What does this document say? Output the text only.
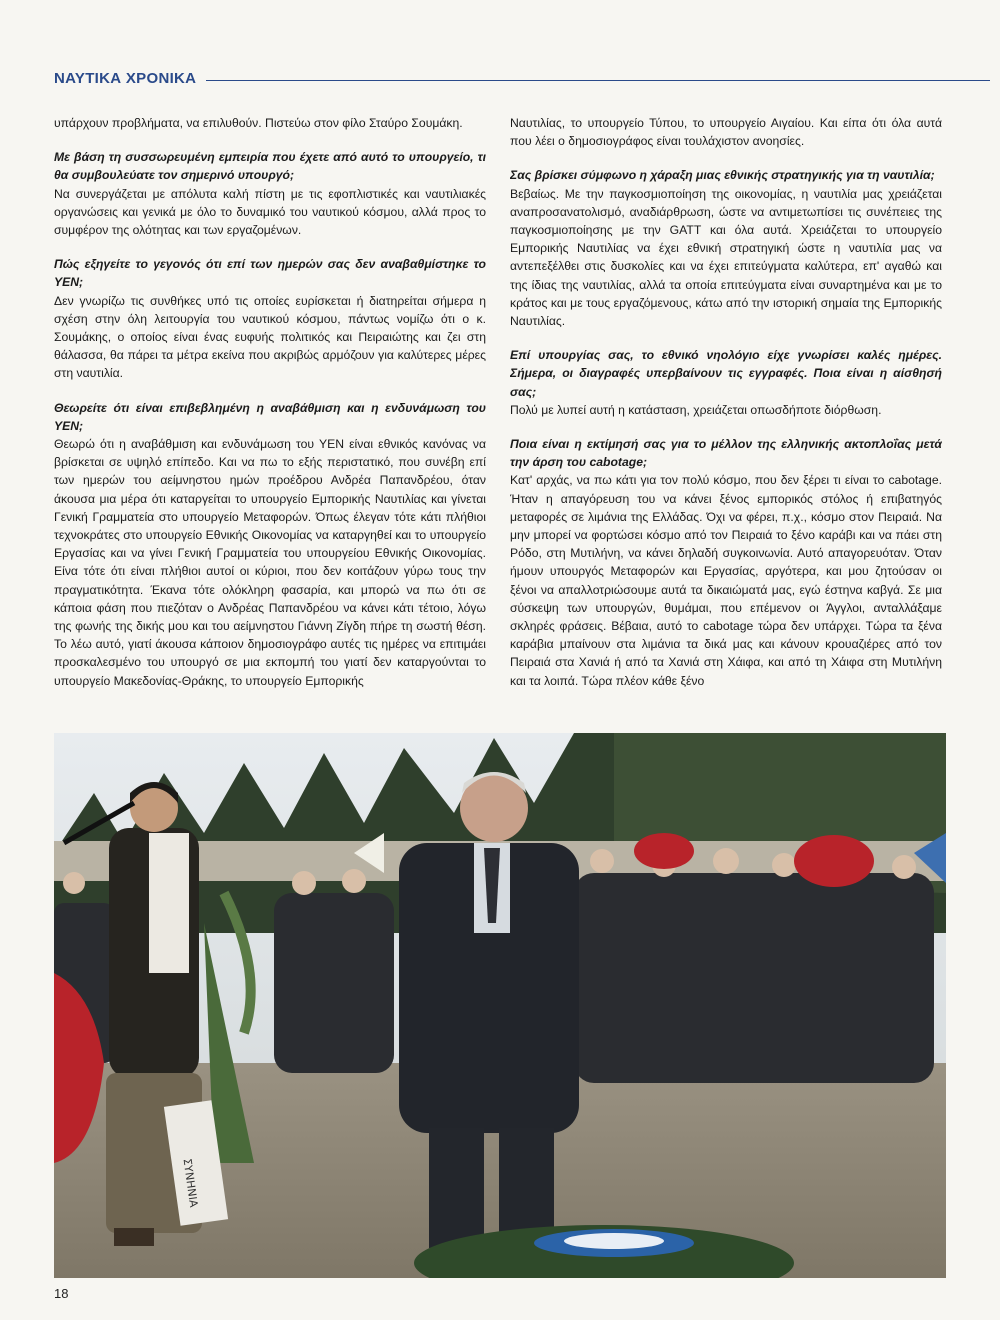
ΝΑΥΤΙΚΑ ΧΡΟΝΙΚΑ

υπάρχουν προβλήματα, να επιλυθούν. Πιστεύω στον φίλο Σταύρο Σουμάκη.

Με βάση τη συσσωρευμένη εμπειρία που έχετε από αυτό το υπουργείο, τι θα συμβουλεύατε τον σημερινό υπουργό;

Να συνεργάζεται με απόλυτα καλή πίστη με τις εφοπλιστικές και ναυτιλιακές οργανώσεις και γενικά με όλο το δυναμικό του ναυτικού κόσμου, αλλά προς το συμφέρον της ολότητας και των εργαζομένων.

Πώς εξηγείτε το γεγονός ότι επί των ημερών σας δεν αναβαθμίστηκε το ΥΕΝ;

Δεν γνωρίζω τις συνθήκες υπό τις οποίες ευρίσκεται ή διατηρείται σήμερα η σχέση στην όλη λειτουργία του ναυτικού κόσμου, πάντως νομίζω ότι ο κ. Σουμάκης, ο οποίος είναι ένας ευφυής πολιτικός και Πειραιώτης και ζει στη θάλασσα, θα πάρει τα μέτρα εκείνα που ακριβώς αρμόζουν για καλύτερες μέρες στη ναυτιλία.

Θεωρείτε ότι είναι επιβεβλημένη η αναβάθμιση και η ενδυνάμωση του ΥΕΝ;

Θεωρώ ότι η αναβάθμιση και ενδυνάμωση του ΥΕΝ είναι εθνικός κανόνας να βρίσκεται σε υψηλό επίπεδο. Και να πω το εξής περιστατικό, που συνέβη επί των ημερών του αείμνηστου ημών προέδρου Ανδρέα Παπανδρέου, όταν άκουσα μια μέρα ότι καταργείται το υπουργείο Εμπορικής Ναυτιλίας και γίνεται Γενική Γραμματεία στο υπουργείο Μεταφορών. Όπως έλεγαν τότε κάτι πλήθιοι τεχνοκράτες στο υπουργείο Εθνικής Οικονομίας να καταργηθεί και το υπουργείο Εργασίας και να γίνει Γενική Γραμματεία του υπουργείου Εθνικής Οικονομίας. Είνα τότε ότι είναι πλήθιοι αυτοί οι κύριοι, που δεν κοιτάζουν γύρω τους την πραγματικότητα. Έκανα τότε ολόκληρη φασαρία, και μπορώ να πω ότι σε κάποια φάση που πιεζόταν ο Ανδρέας Παπανδρέου να κάνει κάτι τέτοιο, λόγω της φωνής της δικής μου και του αείμνηστου Γιάννη Ζίγδη πήρε τη σωστή θέση. Το λέω αυτό, γιατί άκουσα κάποιον δημοσιογράφο αυτές τις ημέρες να επιτιμάει προσκαλεσμένο του υπουργό σε μια εκπομπή του γιατί δεν καταργούνται το υπουργείο Μακεδονίας-Θράκης, το υπουργείο Εμπορικής

Ναυτιλίας, το υπουργείο Τύπου, το υπουργείο Αιγαίου. Και είπα ότι όλα αυτά που λέει ο δημοσιογράφος είναι τουλάχιστον ανοησίες.

Σας βρίσκει σύμφωνο η χάραξη μιας εθνικής στρατηγικής για τη ναυτιλία;

Βεβαίως. Με την παγκοσμιοποίηση της οικονομίας, η ναυτιλία μας χρειάζεται αναπροσανατολισμό, αναδιάρθρωση, ώστε να αντιμετωπίσει τις συνέπειες της παγκοσμιοποίησης με την GATT και όλα αυτά. Χρειάζεται το υπουργείο Εμπορικής Ναυτιλίας να έχει εθνική στρατηγική ώστε η ναυτιλία μας να αντεπεξέλθει στις δυσκολίες και να έχει επιτεύγματα καλύτερα, επ' αγαθώ και της ίδιας της ναυτιλίας, αλλά τα οποία επιτεύγματα είναι συναρτημένα και με το κράτος και με τους εργαζόμενους, κάτω από την ιστορική σημαία της Εμπορικής Ναυτιλίας.

Επί υπουργίας σας, το εθνικό νηολόγιο είχε γνωρίσει καλές ημέρες. Σήμερα, οι διαγραφές υπερβαίνουν τις εγγραφές. Ποια είναι η αίσθησή σας;

Πολύ με λυπεί αυτή η κατάσταση, χρειάζεται οπωσδήποτε διόρθωση.

Ποια είναι η εκτίμησή σας για το μέλλον της ελληνικής ακτοπλοΐας μετά την άρση του cabotage;

Κατ' αρχάς, να πω κάτι για τον πολύ κόσμο, που δεν ξέρει τι είναι το cabotage. Ήταν η απαγόρευση του να κάνει ξένος εμπορικός στόλος ή επιβατηγός μεταφορές σε λιμάνια της Ελλάδας. Όχι να φέρει, π.χ., κόσμο στον Πειραιά. Να μην μπορεί να φορτώσει κόσμο από τον Πειραιά το ξένο καράβι και να πάει στη Ρόδο, στη Μυτιλήνη, να κάνει δηλαδή συγκοινωνία. Αυτό απαγορευόταν. Όταν ήμουν υπουργός Μεταφορών και Εργασίας, αργότερα, και μου ζητούσαν οι ξένοι να απαλλοτριώσουμε αυτά τα δικαιώματά μας, εγώ έστηνα καβγά. Σε μια σύσκεψη των υπουργών, θυμάμαι, που επέμενον οι Άγγλοι, ανταλλάξαμε σκληρές φράσεις. Βέβαια, αυτό το cabotage τώρα δεν υπάρχει. Τώρα τα ξένα καράβια μπαίνουν στα λιμάνια τα δικά μας και κάνουν κρουαζιέρες από τον Πειραιά στα Χανιά ή από τα Χανιά στη Χάιφα, και από τη Χάιφα στη Μυτιλήνη και τα λοιπά. Τώρα πλέον κάθε ξένο

ΣΥΝΗΝΙΑ
18
